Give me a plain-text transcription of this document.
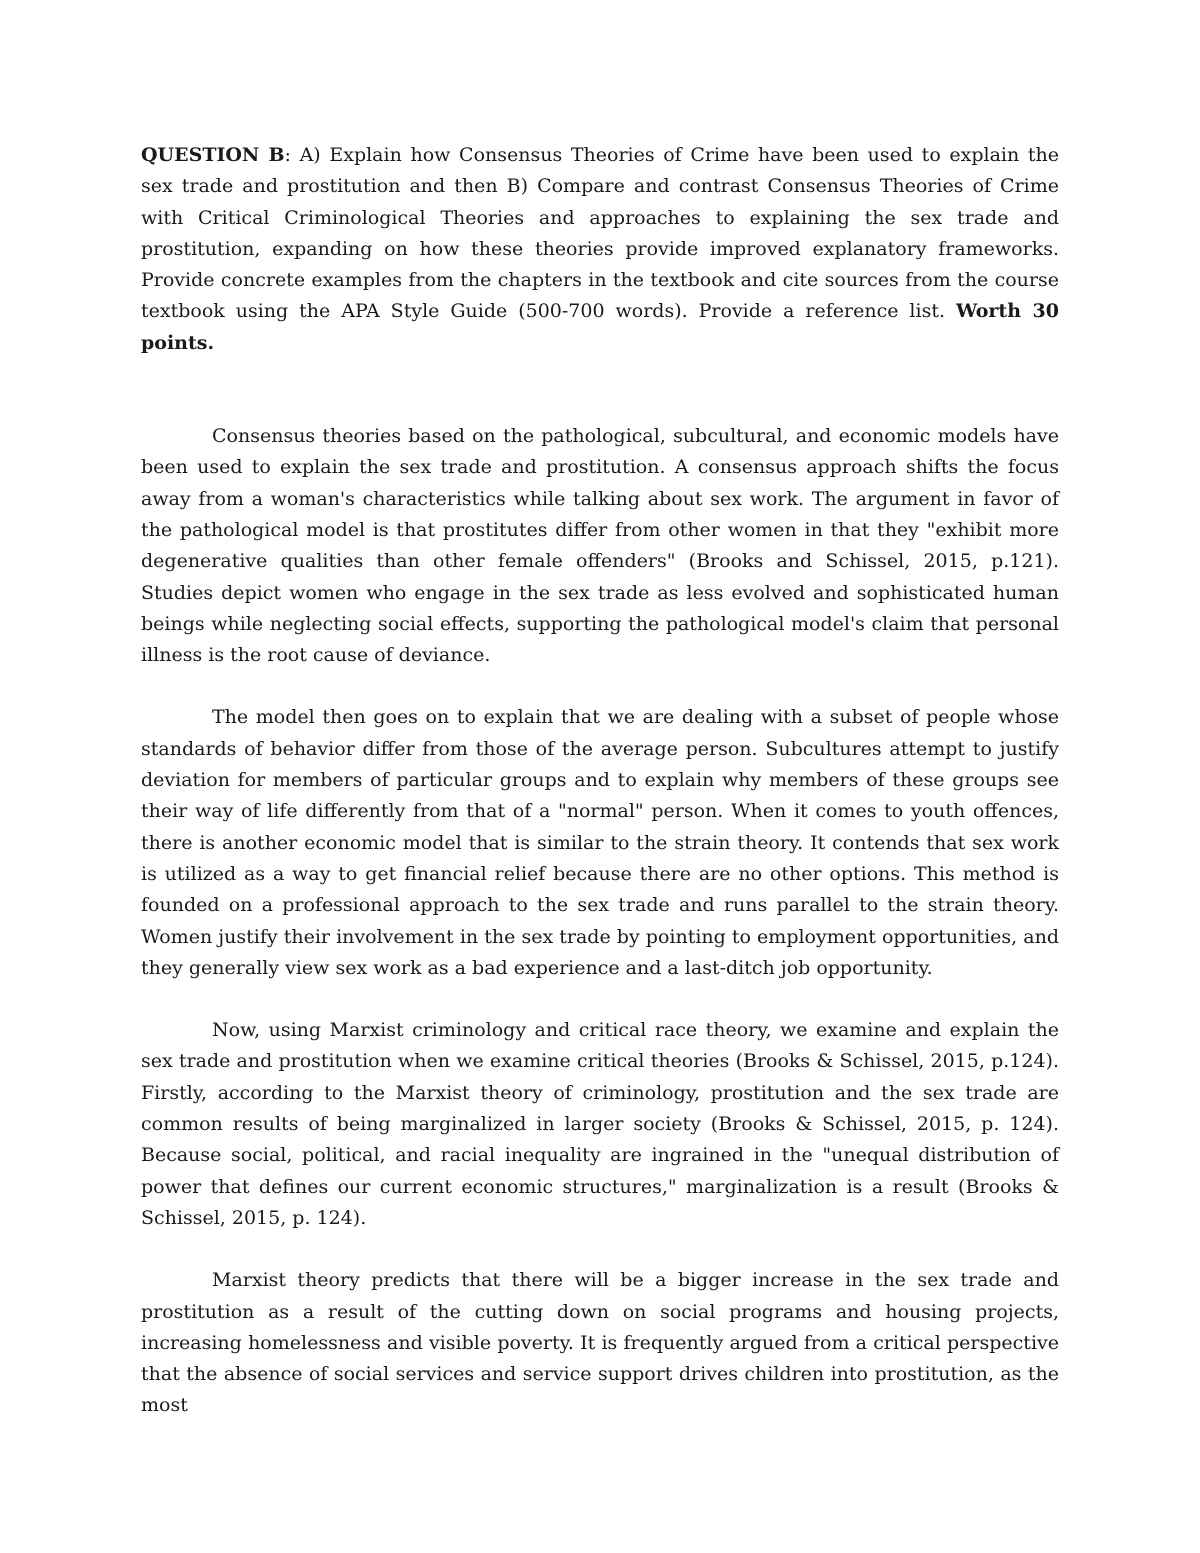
QUESTION B: A) Explain how Consensus Theories of Crime have been used to explain the sex trade and prostitution and then B) Compare and contrast Consensus Theories of Crime with Critical Criminological Theories and approaches to explaining the sex trade and prostitution, expanding on how these theories provide improved explanatory frameworks. Provide concrete examples from the chapters in the textbook and cite sources from the course textbook using the APA Style Guide (500-700 words). Provide a reference list. Worth 30 points.

Consensus theories based on the pathological, subcultural, and economic models have been used to explain the sex trade and prostitution. A consensus approach shifts the focus away from a woman's characteristics while talking about sex work. The argument in favor of the pathological model is that prostitutes differ from other women in that they "exhibit more degenerative qualities than other female offenders" (Brooks and Schissel, 2015, p.121). Studies depict women who engage in the sex trade as less evolved and sophisticated human beings while neglecting social effects, supporting the pathological model's claim that personal illness is the root cause of deviance.

The model then goes on to explain that we are dealing with a subset of people whose standards of behavior differ from those of the average person. Subcultures attempt to justify deviation for members of particular groups and to explain why members of these groups see their way of life differently from that of a "normal" person. When it comes to youth offences, there is another economic model that is similar to the strain theory. It contends that sex work is utilized as a way to get financial relief because there are no other options. This method is founded on a professional approach to the sex trade and runs parallel to the strain theory. Women justify their involvement in the sex trade by pointing to employment opportunities, and they generally view sex work as a bad experience and a last-ditch job opportunity.

Now, using Marxist criminology and critical race theory, we examine and explain the sex trade and prostitution when we examine critical theories (Brooks & Schissel, 2015, p.124). Firstly, according to the Marxist theory of criminology, prostitution and the sex trade are common results of being marginalized in larger society (Brooks & Schissel, 2015, p. 124). Because social, political, and racial inequality are ingrained in the "unequal distribution of power that defines our current economic structures," marginalization is a result (Brooks & Schissel, 2015, p. 124).

Marxist theory predicts that there will be a bigger increase in the sex trade and prostitution as a result of the cutting down on social programs and housing projects, increasing homelessness and visible poverty. It is frequently argued from a critical perspective that the absence of social services and service support drives children into prostitution, as the most
